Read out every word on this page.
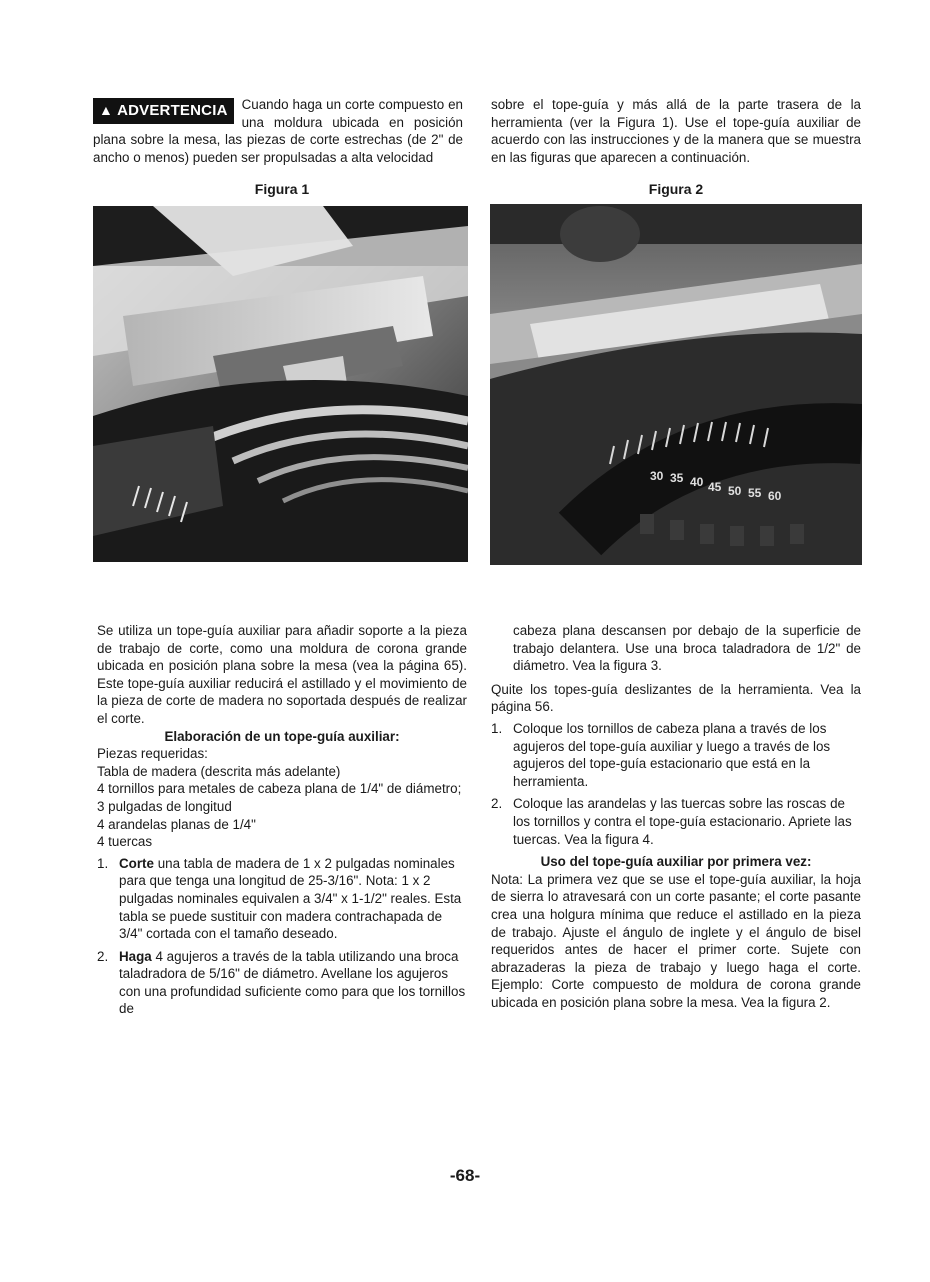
▲ ADVERTENCIA	Cuando haga un corte compuesto en una moldura ubicada en posición plana sobre la mesa, las piezas de corte estrechas (de 2" de ancho o menos) pueden ser propulsadas a alta velocidad

sobre el tope-guía y más allá de la parte trasera de la herramienta (ver la Figura 1). Use el tope-guía auxiliar de acuerdo con las instrucciones y de la manera que se muestra en las figuras que aparecen a continuación.

Figura 1	Figura 2
30 35 40 45 50 55 60

Se utiliza un tope-guía auxiliar para añadir soporte a la pieza de trabajo de corte, como una moldura de corona grande ubicada en posición plana sobre la mesa (vea la página 65). Este tope-guía auxiliar reducirá el astillado y el movimiento de la pieza de corte de madera no soportada después de realizar el corte.

Elaboración de un tope-guía auxiliar:

Piezas requeridas:

Tabla de madera (descrita más adelante)

4 tornillos para metales de cabeza plana de 1/4" de diámetro; 3 pulgadas de longitud

4 arandelas planas de 1/4"

4 tuercas

1. Corte una tabla de madera de 1 x 2 pulgadas nominales para que tenga una longitud de 25-3/16". Nota: 1 x 2 pulgadas nominales equivalen a 3/4" x 1-1/2" reales. Esta tabla se puede sustituir con madera contrachapada de 3/4" cortada con el tamaño deseado.
2. Haga 4 agujeros a través de la tabla utilizando una broca taladradora de 5/16" de diámetro. Avellane los agujeros con una profundidad suficiente como para que los tornillos de

cabeza plana descansen por debajo de la superficie de trabajo delantera. Use una broca taladradora de 1/2" de diámetro. Vea la figura 3.

Quite los topes-guía deslizantes de la herramienta. Vea la página 56.

1. Coloque los tornillos de cabeza plana a través de los agujeros del tope-guía auxiliar y luego a través de los agujeros del tope-guía estacionario que está en la herramienta.
2. Coloque las arandelas y las tuercas sobre las roscas de los tornillos y contra el tope-guía estacionario. Apriete las tuercas. Vea la figura 4.

Uso del tope-guía auxiliar por primera vez:

Nota: La primera vez que se use el tope-guía auxiliar, la hoja de sierra lo atravesará con un corte pasante; el corte pasante crea una holgura mínima que reduce el astillado en la pieza de trabajo. Ajuste el ángulo de inglete y el ángulo de bisel requeridos antes de hacer el primer corte. Sujete con abrazaderas la pieza de trabajo y luego haga el corte. Ejemplo: Corte compuesto de moldura de corona grande ubicada en posición plana sobre la mesa. Vea la figura 2.

-68-
